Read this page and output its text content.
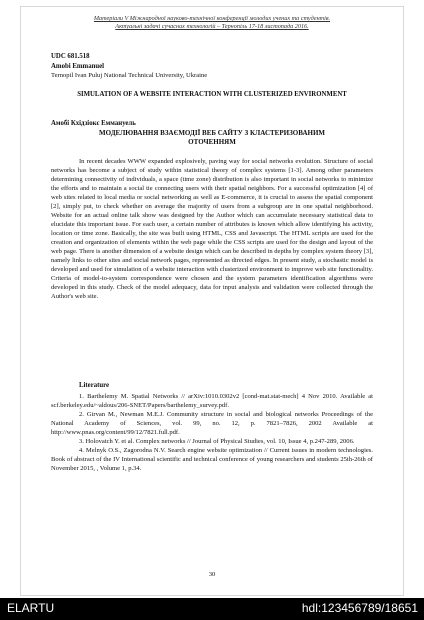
Матеріали V Міжнародної науково-технічної конференції молодих учених та студентів.
Актуальні задачі сучасних технологій – Тернопіль 17-18 листопада 2016.
UDC 681.518
Amobi Emmanuel
Ternopil Ivan Puluj National Technical University, Ukraine
SIMULATION OF A WEBSITE INTERACTION WITH CLUSTERIZED ENVIRONMENT
Амобі Кхідзіокє Еммануель
МОДЕЛЮВАННЯ ВЗАЄМОДІЇ ВЕБ САЙТУ З КЛАСТЕРИЗОВАНИМ ОТОЧЕННЯМ
In recent decades WWW expanded explosively, paving way for social networks evolution. Structure of social networks has become a subject of study within statistical theory of complex systems [1-3]. Among other parameters determining connectivity of individuals, a space (time zone) distribution is also important in social networks to minimize the efforts and to maintain a social tie connecting users with their spatial neighbors. For a successful optimization [4] of web sites related to local media or social networking as well as E-commerce, it is crucial to assess the spatial component [2], simply put, to check whether on average the majority of users from a subgroup are in one spatial neighborhood. Website for an actual online talk show was designed by the Author which can accumulate necessary statistical data to elucidate this important issue. For each user, a certain number of attributes is known which allow identifying his activity, location or time zone. Basically, the site was built using HTML, CSS and Javascript. The HTML scripts are used for the creation and organization of elements within the web page while the CSS scripts are used for the design and layout of the web page. There is another dimension of a website design which can be described in depths by complex system theory [3], namely links to other sites and social network pages, represented as directed edges. In present study, a stochastic model is developed and used for simulation of a website interaction with clusterized environment to improve web site functionality. Criteria of model-to-system correspondence were chosen and the system parameters identification algorithms were developed in this study. Check of the model adequacy, data for input analysis and validation were collected through the Author's web site.
Literature

1. Barthelemy M. Spatial Networks // arXiv:1010.0302v2 [cond-mat.stat-mech] 4 Nov 2010. Available at scf.berkeley.edu/~aldous/206-SNET/Papers/barthelemy_survey.pdf.

2. Girvan M., Newman M.E.J. Community structure in social and biological networks Proceedings of the National Academy of Sciences, vol. 99, no. 12, p. 7821–7826, 2002 Available at http://www.pnas.org/content/99/12/7821.full.pdf.

3. Holovatch Y. et al. Complex networks // Journal of Physical Studies, vol. 10, Issue 4, p.247-289, 2006.

4. Melnyk O.S., Zagorodna N.V. Search engine website optimization // Current issues in modern technologies. Book of abstract of the IV International scientific and technical conference of young researchers and students 25th-26th of November 2015, , Volume 1, p.34.

30
ELARTU	hdl:123456789/18651
